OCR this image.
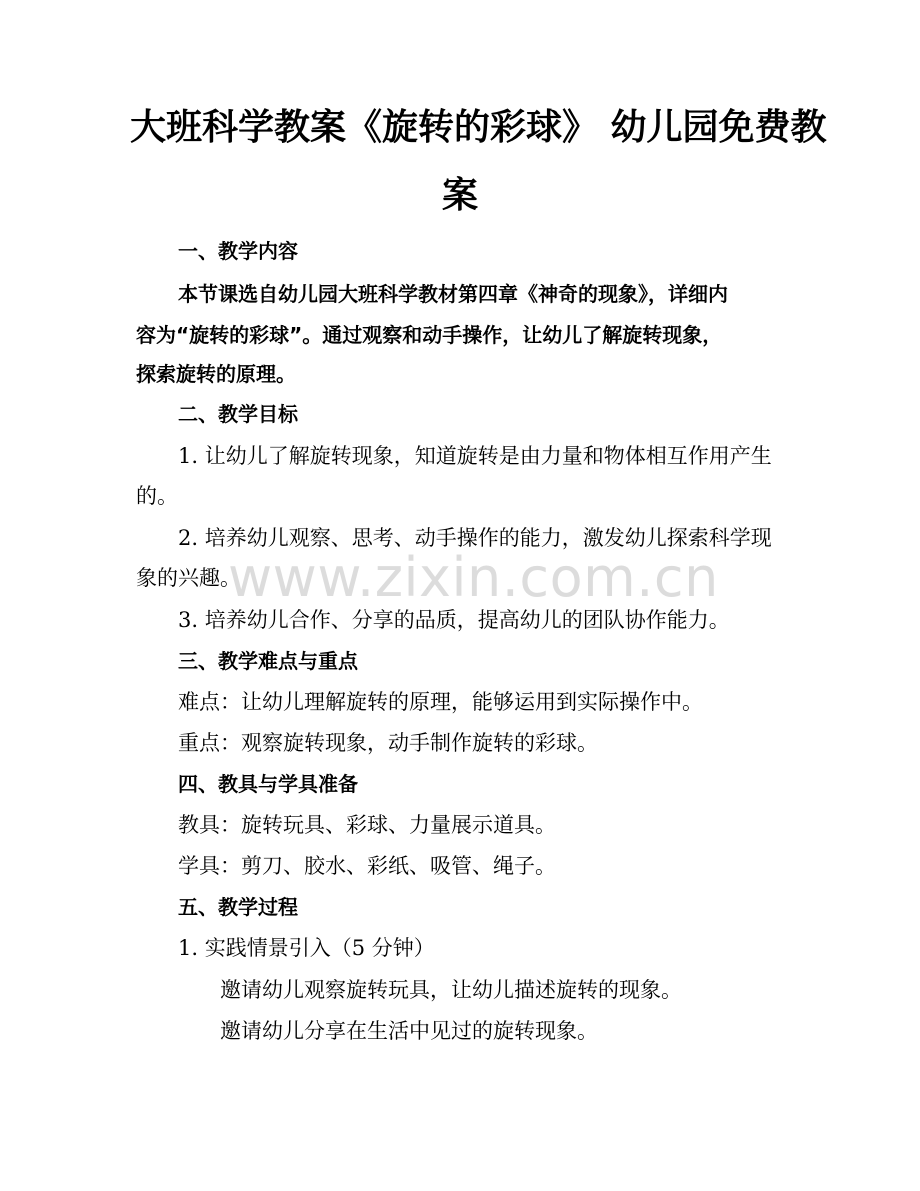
大班科学教案《旋转的彩球》 幼儿园免费教
案

一、教学内容

本节课选自幼儿园大班科学教材第四章《神奇的现象》，详细内

容为“旋转的彩球”。通过观察和动手操作，让幼儿了解旋转现象，

探索旋转的原理。

二、教学目标

1. 让幼儿了解旋转现象，知道旋转是由力量和物体相互作用产生

的。

2. 培养幼儿观察、思考、动手操作的能力，激发幼儿探索科学现

象的兴趣。

3. 培养幼儿合作、分享的品质，提高幼儿的团队协作能力。

三、教学难点与重点

难点：让幼儿理解旋转的原理，能够运用到实际操作中。

重点：观察旋转现象，动手制作旋转的彩球。

四、教具与学具准备

教具：旋转玩具、彩球、力量展示道具。

学具：剪刀、胶水、彩纸、吸管、绳子。

五、教学过程

1. 实践情景引入（5 分钟）

邀请幼儿观察旋转玩具，让幼儿描述旋转的现象。

邀请幼儿分享在生活中见过的旋转现象。

www.zixin.com.cn
